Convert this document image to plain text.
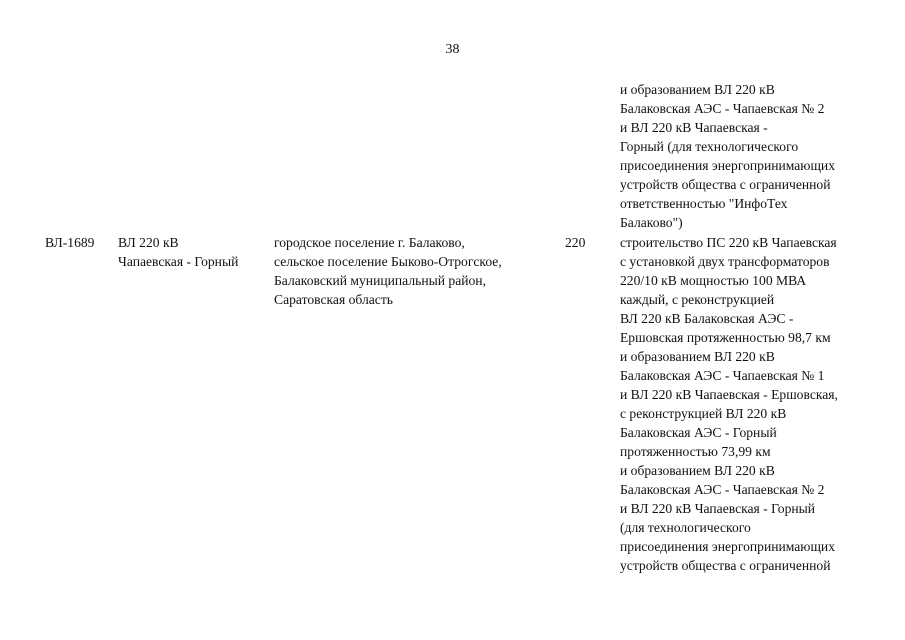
38
и образованием ВЛ 220 кВ
Балаковская АЭС - Чапаевская № 2
и ВЛ 220 кВ Чапаевская -
Горный (для технологического
присоединения энергопринимающих
устройств общества с ограниченной
ответственностью "ИнфоТех
Балаково")
ВЛ-1689 ВЛ 220 кВ
Чапаевская - Горный
городское поселение г. Балаково,
сельское поселение Быково-Отрогское,
Балаковский муниципальный район,
Саратовская область
220	строительство ПС 220 кВ Чапаевская
с установкой двух трансформаторов
220/10 кВ мощностью 100 МВА
каждый, с реконструкцией
ВЛ 220 кВ Балаковская АЭС -
Ершовская протяженностью 98,7 км
и образованием ВЛ 220 кВ
Балаковская АЭС - Чапаевская № 1
и ВЛ 220 кВ Чапаевская - Ершовская,
с реконструкцией ВЛ 220 кВ
Балаковская АЭС - Горный
протяженностью 73,99 км
и образованием ВЛ 220 кВ
Балаковская АЭС - Чапаевская № 2
и ВЛ 220 кВ Чапаевская - Горный
(для технологического
присоединения энергопринимающих
устройств общества с ограниченной
